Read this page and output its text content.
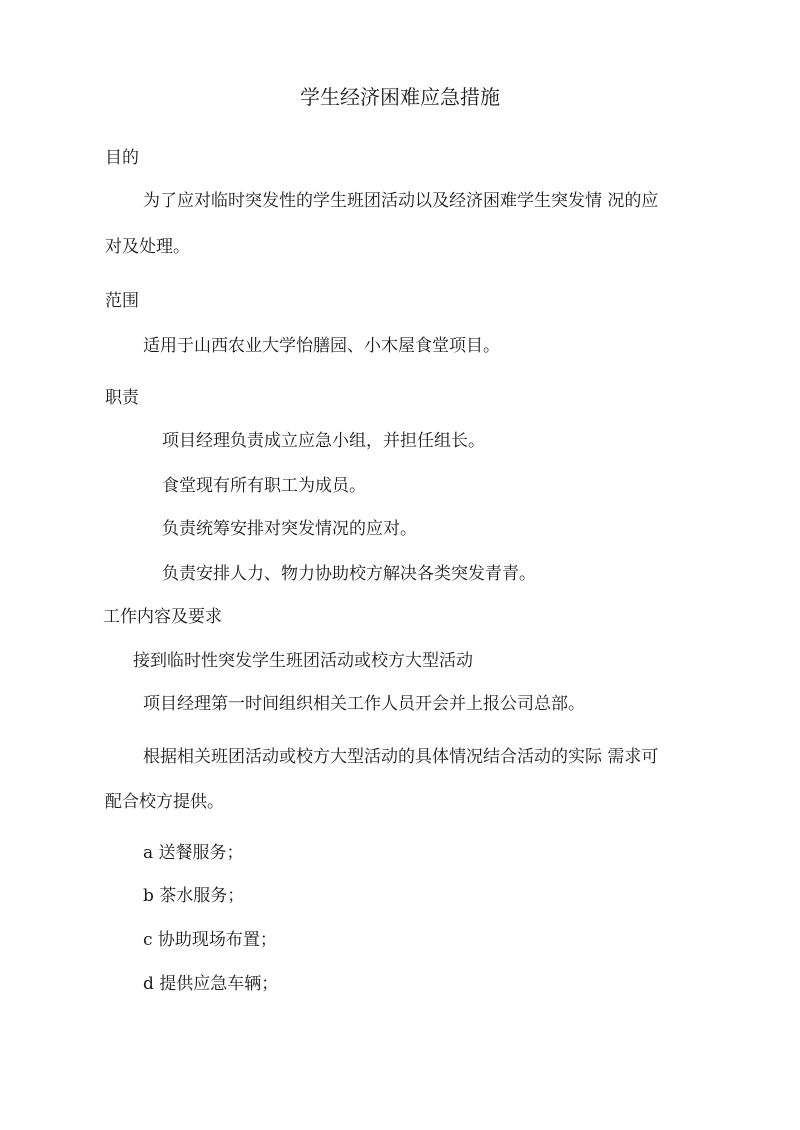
学生经济困难应急措施
目的
为了应对临时突发性的学生班团活动以及经济困难学生突发情 况的应
对及处理。
范围
适用于山西农业大学怡膳园、小木屋食堂项目。
职责
项目经理负责成立应急小组，并担任组长。
食堂现有所有职工为成员。
负责统筹安排对突发情况的应对。
负责安排人力、物力协助校方解决各类突发青青。
工作内容及要求
接到临时性突发学生班团活动或校方大型活动
项目经理第一时间组织相关工作人员开会并上报公司总部。
根据相关班团活动或校方大型活动的具体情况结合活动的实际 需求可
配合校方提供。
a 送餐服务；
b 茶水服务；
c 协助现场布置；
d 提供应急车辆；
